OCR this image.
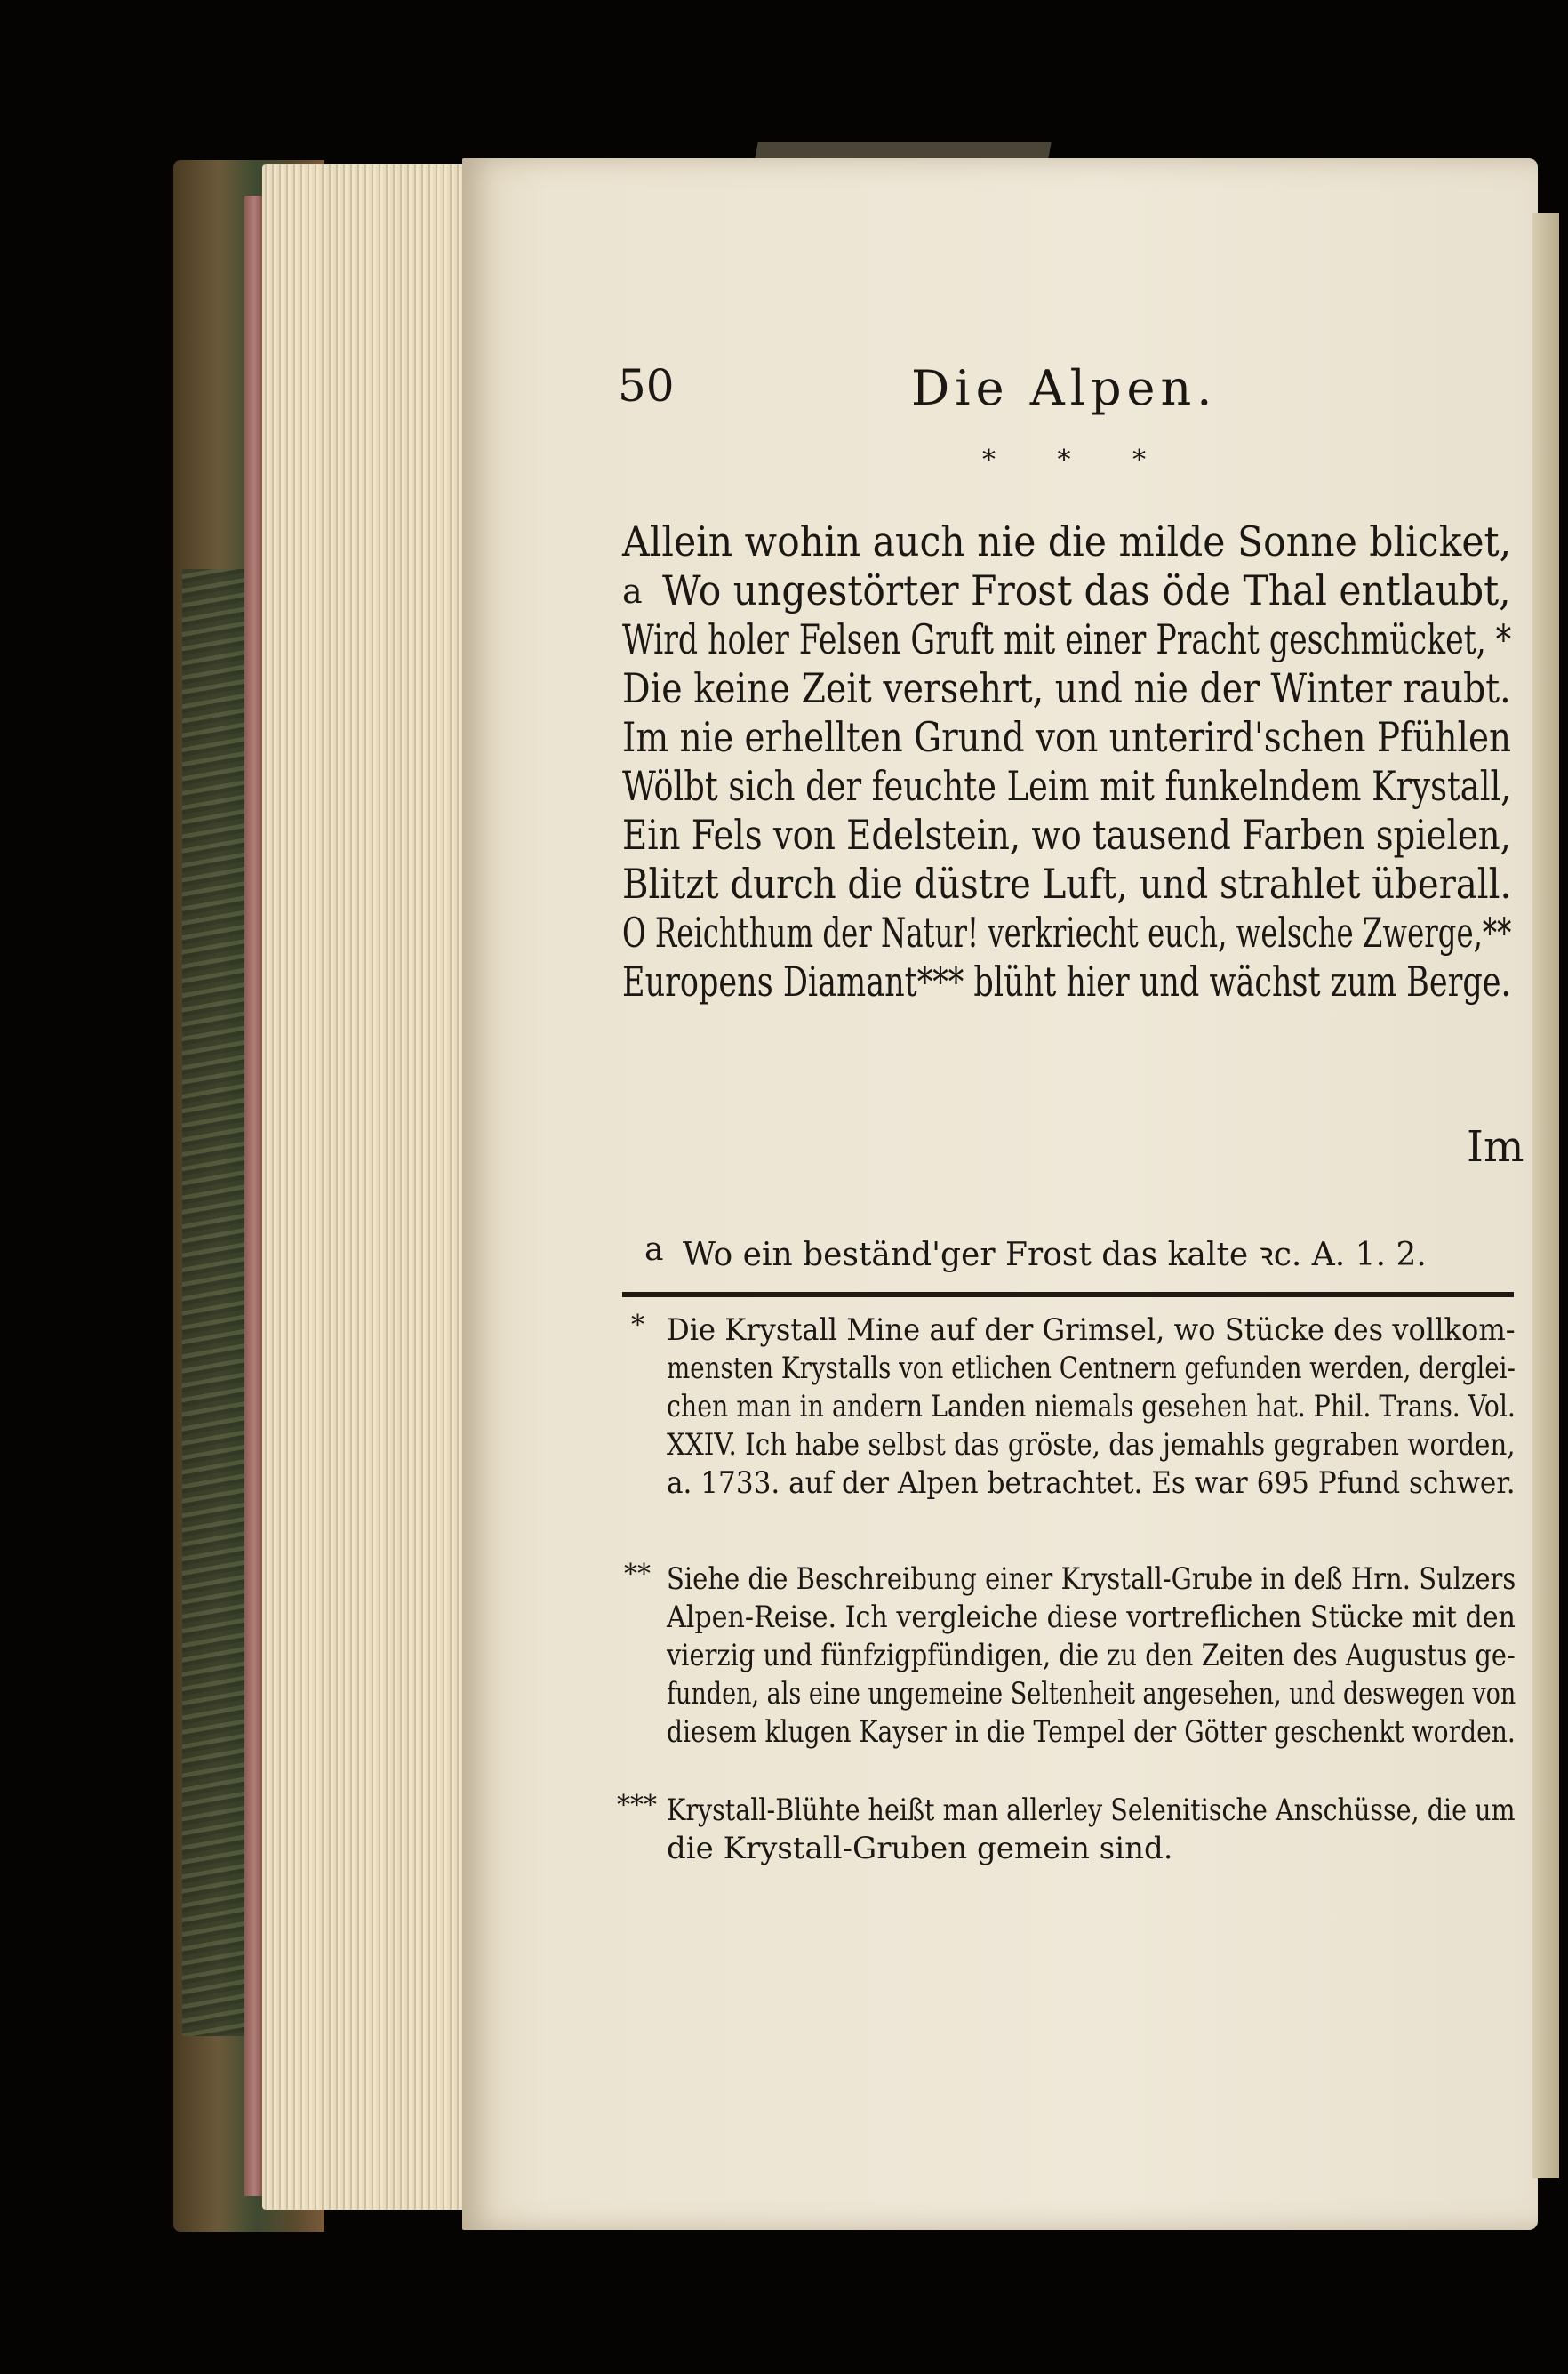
50	Die Alpen.
* * *
Allein wohin auch nie die milde Sonne blicket,
a Wo ungestörter Frost das öde Thal entlaubt,
Wird holer Felsen Gruft mit einer Pracht geschmücket, *
Die keine Zeit versehrt, und nie der Winter raubt.
Im nie erhellten Grund von unterird'schen Pfühlen
Wölbt sich der feuchte Leim mit funkelndem Krystall,
Ein Fels von Edelstein, wo tausend Farben spielen,
Blitzt durch die düstre Luft, und strahlet überall.
O Reichthum der Natur! verkriecht euch, welsche Zwerge,**
Europens Diamant*** blüht hier und wächst zum Berge.
Im
a Wo ein beständ'ger Frost das kalte ꝛc. A. 1. 2.
* Die Krystall Mine auf der Grimsel, wo Stücke des vollkom-
mensten Krystalls von etlichen Centnern gefunden werden, derglei-
chen man in andern Landen niemals gesehen hat. Phil. Trans. Vol.
XXIV. Ich habe selbst das gröste, das jemahls gegraben worden,
a. 1733. auf der Alpen betrachtet. Es war 695 Pfund schwer.
** Siehe die Beschreibung einer Krystall-Grube in deß Hrn. Sulzers
Alpen-Reise. Ich vergleiche diese vortreflichen Stücke mit den
vierzig und fünfzigpfündigen, die zu den Zeiten des Augustus ge-
funden, als eine ungemeine Seltenheit angesehen, und deswegen von
diesem klugen Kayser in die Tempel der Götter geschenkt worden.
*** Krystall-Blühte heißt man allerley Selenitische Anschüsse, die um
die Krystall-Gruben gemein sind.
